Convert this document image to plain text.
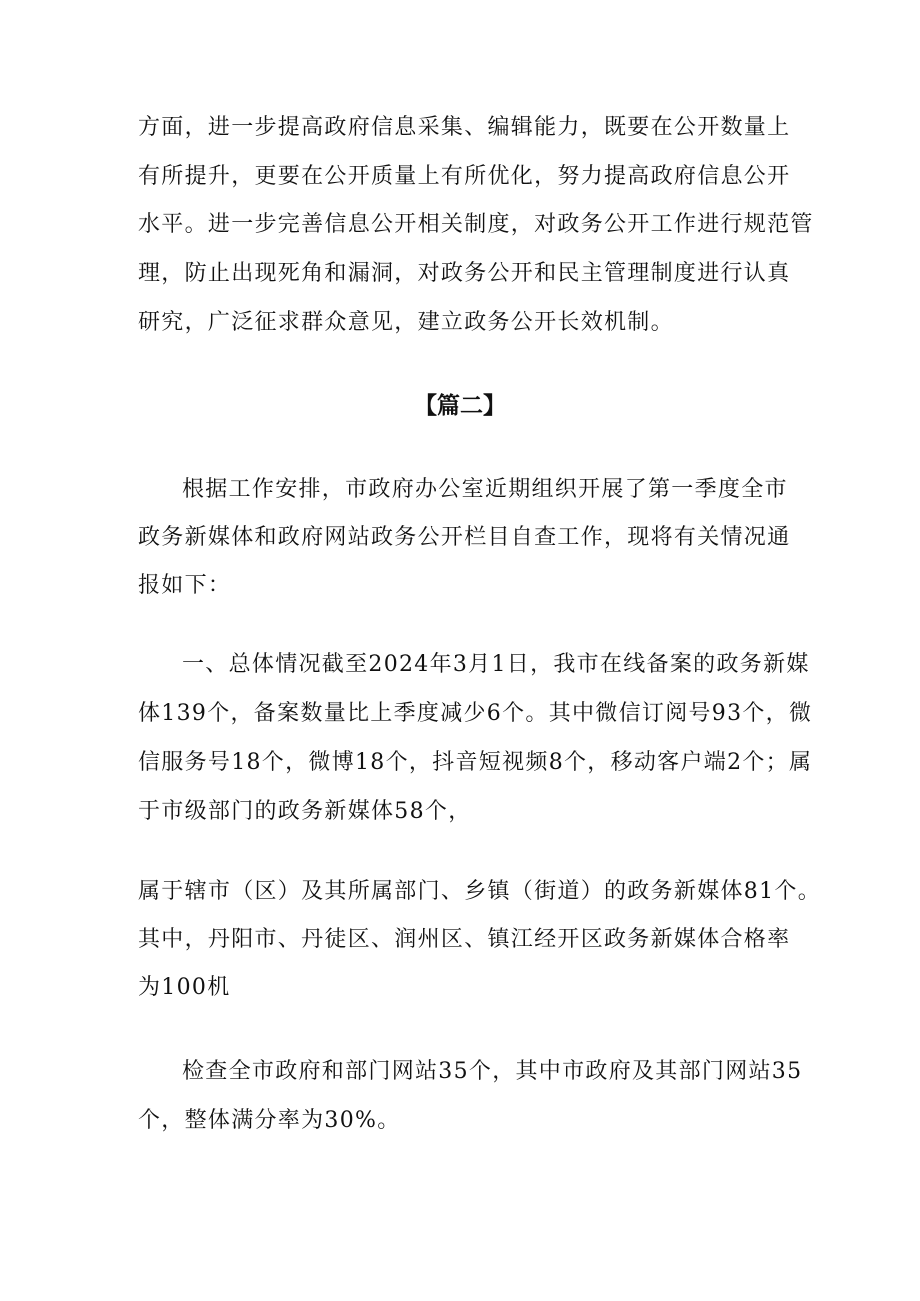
方面，进一步提高政府信息采集、编辑能力，既要在公开数量上
有所提升，更要在公开质量上有所优化，努力提高政府信息公开
水平。进一步完善信息公开相关制度，对政务公开工作进行规范管
理，防止出现死角和漏洞，对政务公开和民主管理制度进行认真
研究，广泛征求群众意见，建立政务公开长效机制。
【篇二】
根据工作安排，市政府办公室近期组织开展了第一季度全市
政务新媒体和政府网站政务公开栏目自查工作，现将有关情况通
报如下：
一、总体情况截至2024年3月1日，我市在线备案的政务新媒
体139个，备案数量比上季度减少6个。其中微信订阅号93个，微
信服务号18个，微博18个，抖音短视频8个，移动客户端2个；属
于市级部门的政务新媒体58个，
属于辖市（区）及其所属部门、乡镇（街道）的政务新媒体81个。
其中，丹阳市、丹徒区、润州区、镇江经开区政务新媒体合格率
为100机
检查全市政府和部门网站35个，其中市政府及其部门网站35
个，整体满分率为30%。
